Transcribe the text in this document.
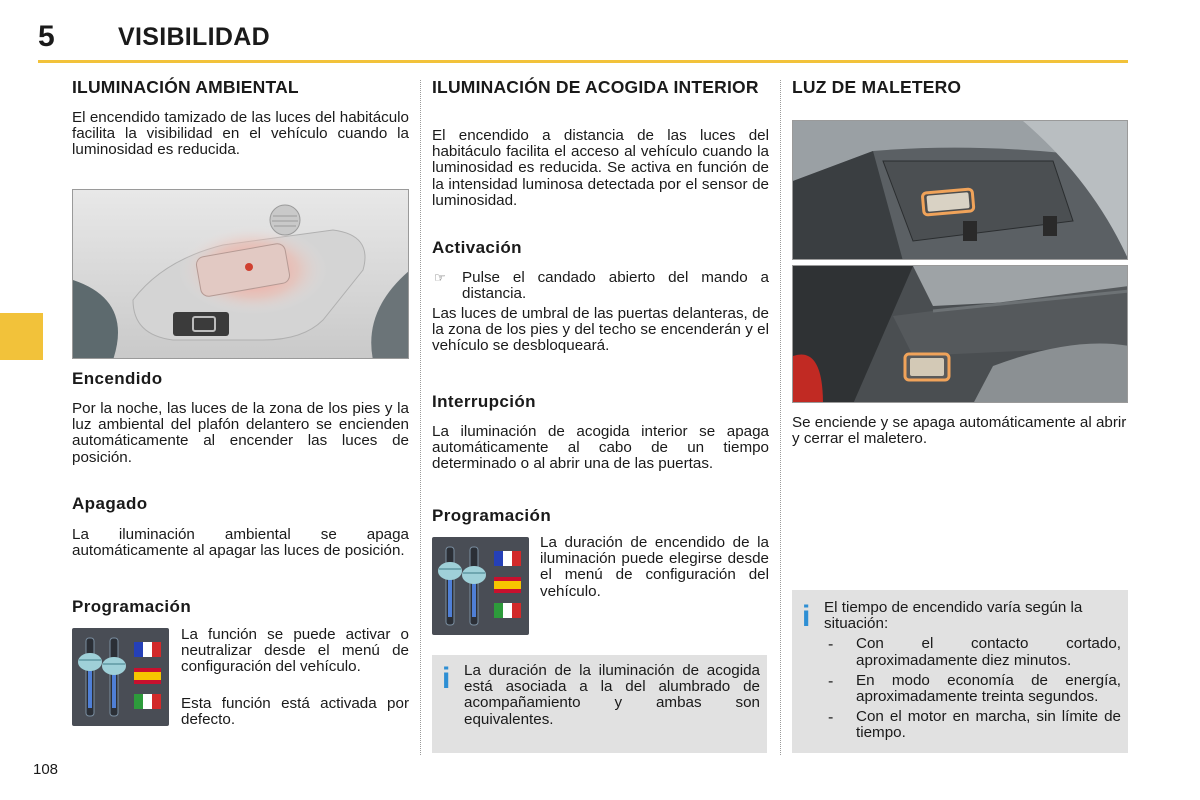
5	VISIBILIDAD
108
ILUMINACIÓN AMBIENTAL

El encendido tamizado de las luces del habitáculo facilita la visibilidad en el vehículo cuando la luminosidad es reducida.

Encendido

Por la noche, las luces de la zona de los pies y la luz ambiental del plafón delantero se encienden automáticamente al encender las luces de posición.

Apagado

La iluminación ambiental se apaga automáticamente al apagar las luces de posición.

Programación

La función se puede activar o neutralizar desde el menú de configuración del vehículo.

Esta función está activada por defecto.

ILUMINACIÓN DE ACOGIDA INTERIOR

El encendido a distancia de las luces del habitáculo facilita el acceso al vehículo cuando la luminosidad es reducida. Se activa en función de la intensidad luminosa detectada por el sensor de luminosidad.

Activación
☞ Pulse el candado abierto del mando a distancia.

Las luces de umbral de las puertas delanteras, de la zona de los pies y del techo se encenderán y el vehículo se desbloqueará.

Interrupción

La iluminación de acogida interior se apaga automáticamente al cabo de un tiempo determinado o al abrir una de las puertas.

Programación

La duración de encendido de la iluminación puede elegirse desde el menú de configuración del vehículo.

i La duración de la iluminación de acogida está asociada a la del alumbrado de acompañamiento y ambas son equivalentes.

LUZ DE MALETERO

Se enciende y se apaga automáticamente al abrir y cerrar el maletero.

i El tiempo de encendido varía según la situación:

- Con el contacto cortado, aproximadamente diez minutos.

- En modo economía de energía, aproximadamente treinta segundos.

- Con el motor en marcha, sin límite de tiempo.
